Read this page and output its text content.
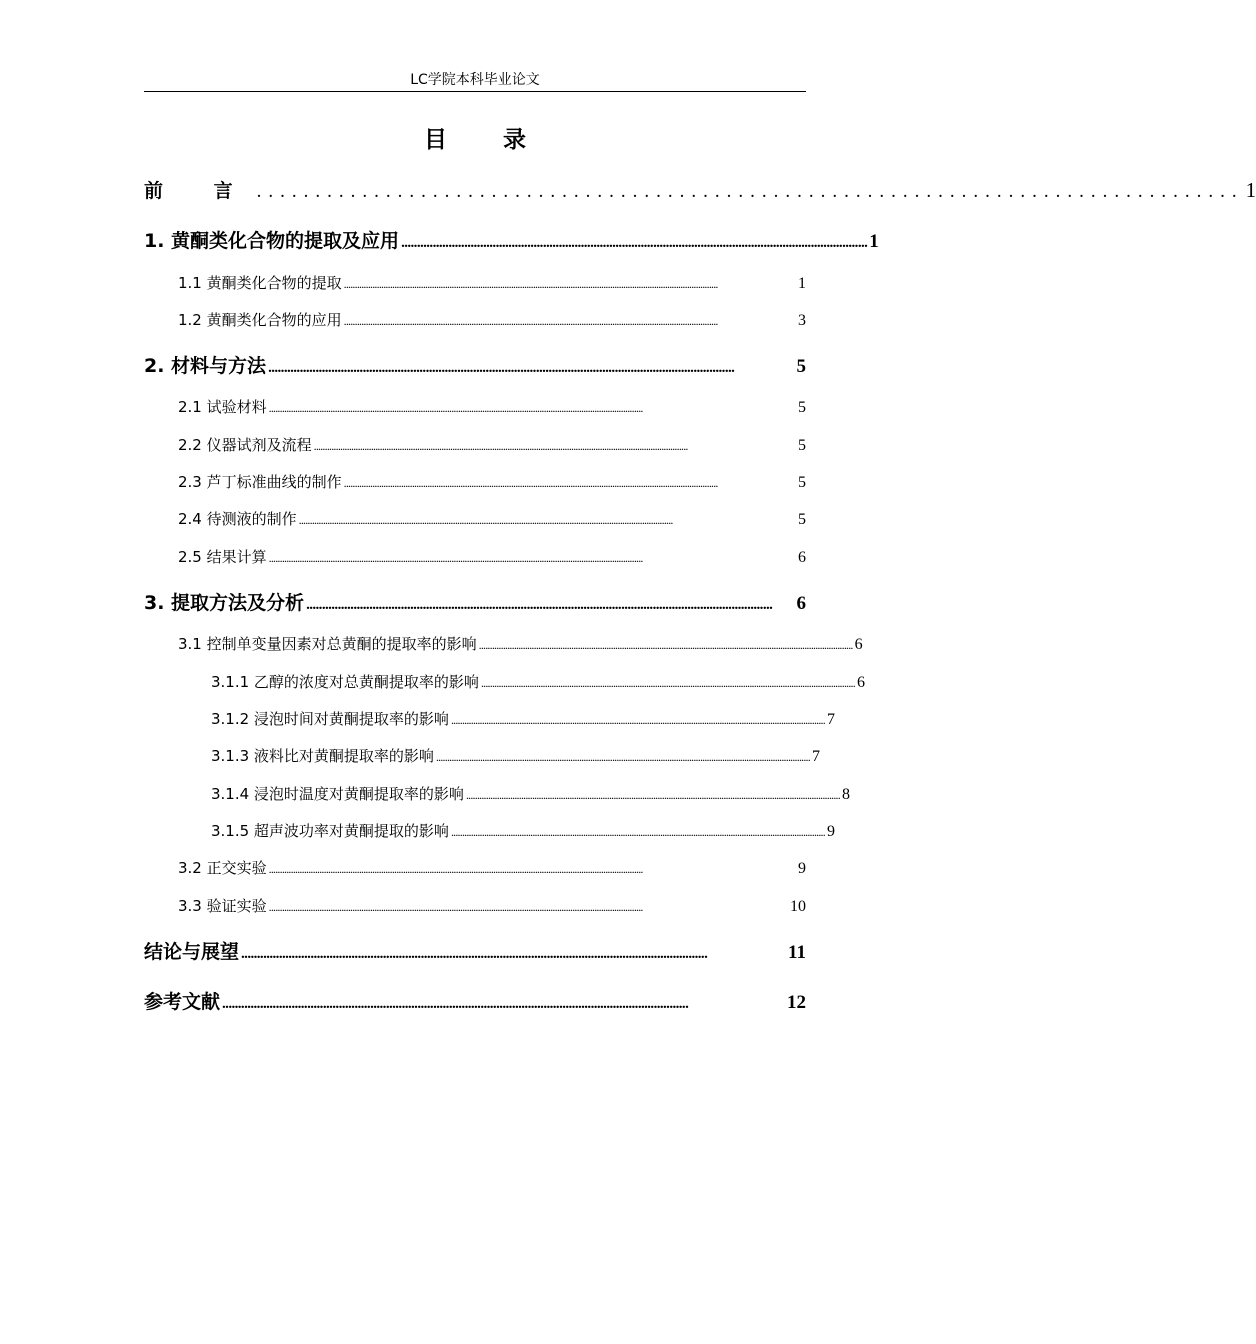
LC学院本科毕业论文
目 录
前 言 .................................................................................... 1
1. 黄酮类化合物的提取及应用 .................................................................................................................................................... 1
1.1 黄酮类化合物的提取 ..........................................................................................................................................................................	1
1.2 黄酮类化合物的应用 ..........................................................................................................................................................................	3
2. 材料与方法 ....................................................................................................................................................	5
2.1 试验材料 ..........................................................................................................................................................................	5
2.2 仪器试剂及流程 ..........................................................................................................................................................................	5
2.3 芦丁标准曲线的制作 ..........................................................................................................................................................................	5
2.4 待测液的制作 ..........................................................................................................................................................................	5
2.5 结果计算 ..........................................................................................................................................................................	6
3. 提取方法及分析 ....................................................................................................................................................	6
3.1 控制单变量因素对总黄酮的提取率的影响 .......................................................................................................................................................................... 6
3.1.1 乙醇的浓度对总黄酮提取率的影响 .......................................................................................................................................................................... 6
3.1.2 浸泡时间对黄酮提取率的影响 .......................................................................................................................................................................... 7
3.1.3 液料比对黄酮提取率的影响 .......................................................................................................................................................................... 7
3.1.4 浸泡时温度对黄酮提取率的影响 .......................................................................................................................................................................... 8
3.1.5 超声波功率对黄酮提取的影响 .......................................................................................................................................................................... 9
3.2 正交实验 ..........................................................................................................................................................................	9
3.3 验证实验 ..........................................................................................................................................................................	10
结论与展望 ....................................................................................................................................................	11
参考文献 ....................................................................................................................................................	12
